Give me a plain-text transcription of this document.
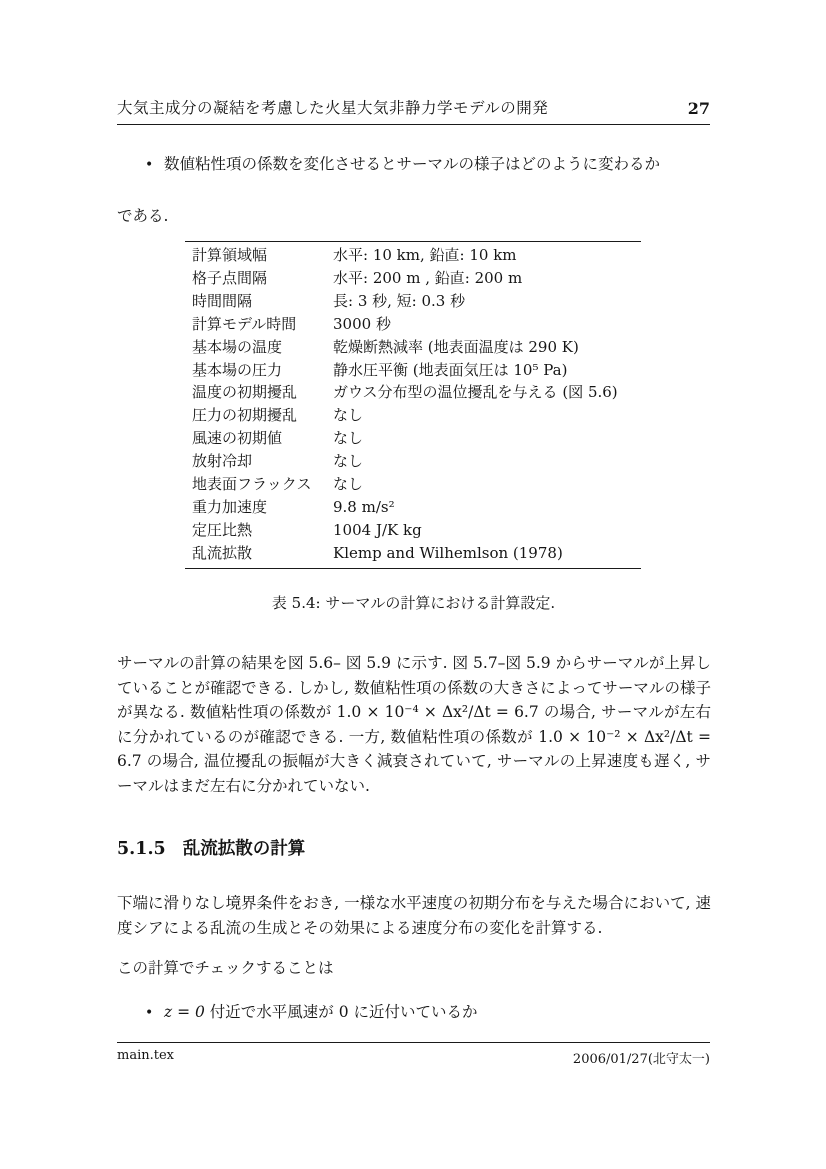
大気主成分の凝結を考慮した火星大気非静力学モデルの開発	27
•
数値粘性項の係数を変化させるとサーマルの様子はどのように変わるか
である.
計算領域幅	水平: 10 km, 鉛直: 10 km
格子点間隔	水平: 200 m , 鉛直: 200 m
時間間隔	長: 3 秒, 短: 0.3 秒
計算モデル時間	3000 秒
基本場の温度	乾燥断熱減率 (地表面温度は 290 K)
基本場の圧力	静水圧平衡 (地表面気圧は 10⁵ Pa)
温度の初期擾乱	ガウス分布型の温位擾乱を与える (図 5.6)
圧力の初期擾乱	なし
風速の初期値	なし
放射冷却	なし
地表面フラックス	なし
重力加速度	9.8 m/s²
定圧比熱	1004 J/K kg
乱流拡散	Klemp and Wilhemlson (1978)
表 5.4: サーマルの計算における計算設定.
サーマルの計算の結果を図 5.6– 図 5.9 に示す. 図 5.7–図 5.9 からサーマルが上昇していることが確認できる. しかし, 数値粘性項の係数の大きさによってサーマルの様子が異なる. 数値粘性項の係数が 1.0 × 10⁻⁴ × Δx²/Δt = 6.7 の場合, サーマルが左右に分かれているのが確認できる. 一方, 数値粘性項の係数が 1.0 × 10⁻² × Δx²/Δt = 6.7 の場合, 温位擾乱の振幅が大きく減衰されていて, サーマルの上昇速度も遅く, サーマルはまだ左右に分かれていない.
5.1.5 乱流拡散の計算
下端に滑りなし境界条件をおき, 一様な水平速度の初期分布を与えた場合において, 速度シアによる乱流の生成とその効果による速度分布の変化を計算する.
この計算でチェックすることは
•
z = 0 付近で水平風速が 0 に近付いているか
main.tex	2006/01/27(北守太一)
